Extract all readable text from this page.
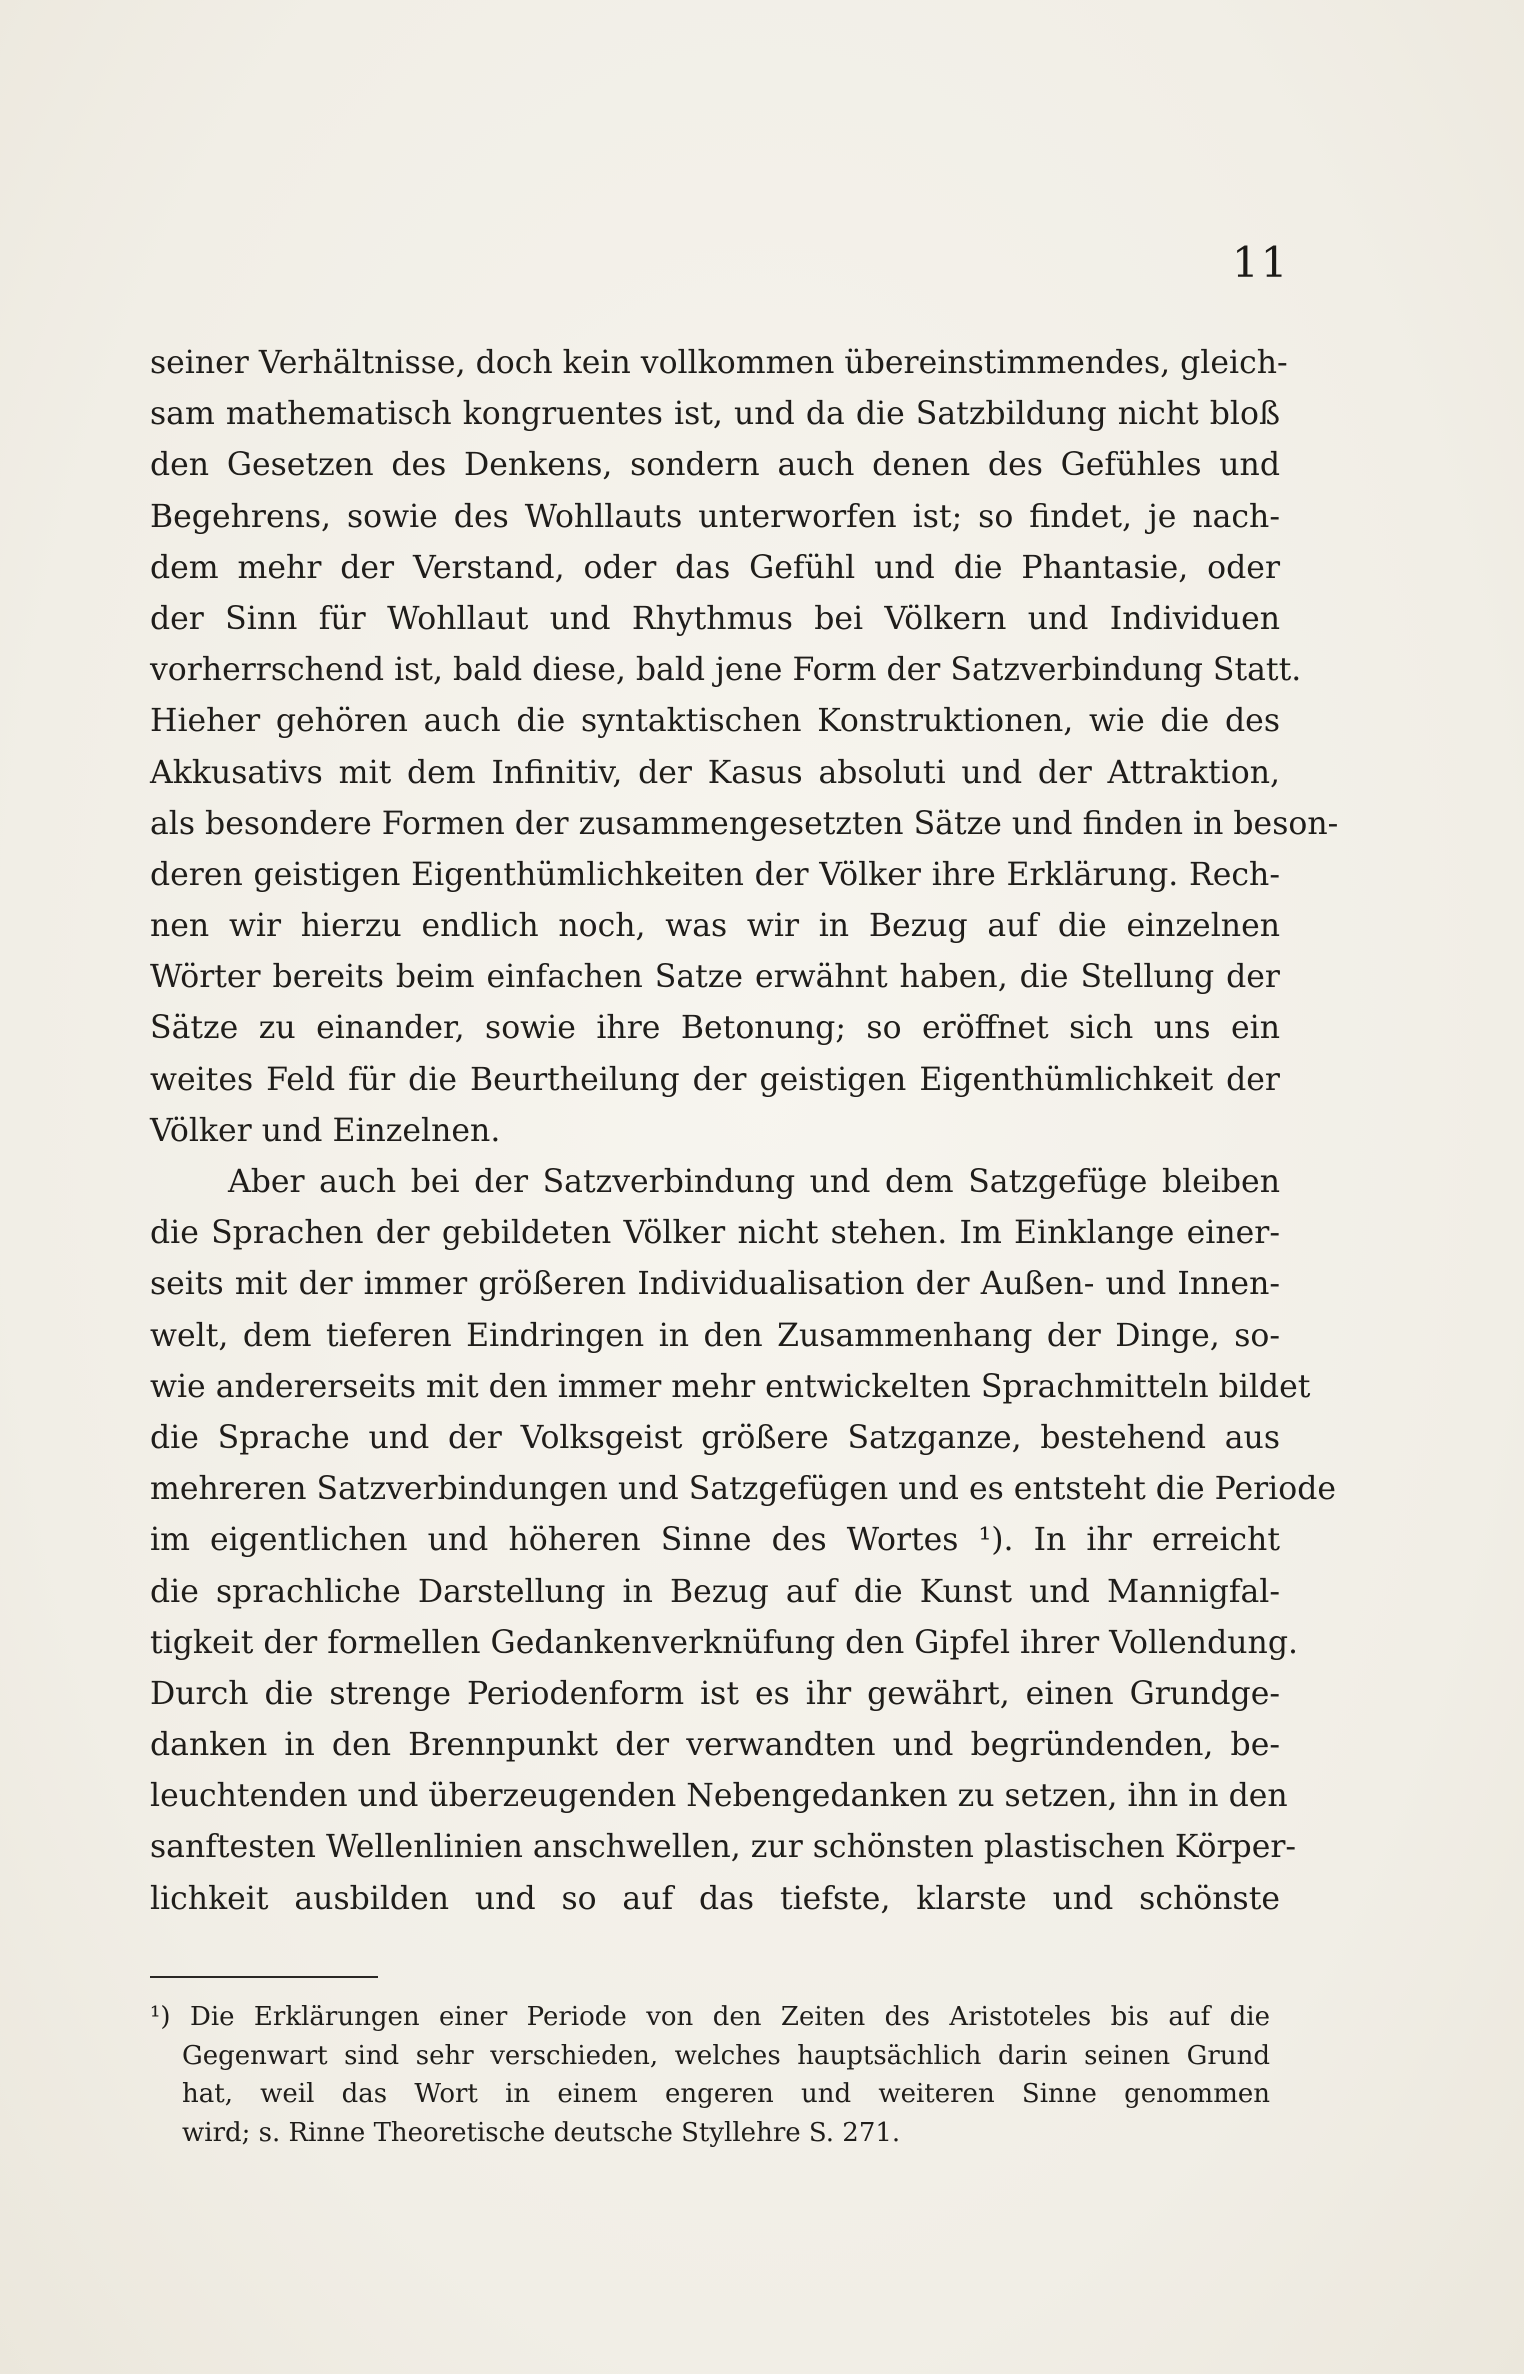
11
seiner Verhältnisse, doch kein vollkommen übereinstimmendes, gleich-
sam mathematisch kongruentes ist, und da die Satzbildung nicht bloß
den Gesetzen des Denkens, sondern auch denen des Gefühles und
Begehrens, sowie des Wohllauts unterworfen ist; so findet, je nach-
dem mehr der Verstand, oder das Gefühl und die Phantasie, oder
der Sinn für Wohllaut und Rhythmus bei Völkern und Individuen
vorherrschend ist, bald diese, bald jene Form der Satzverbindung Statt.
Hieher gehören auch die syntaktischen Konstruktionen, wie die des
Akkusativs mit dem Infinitiv, der Kasus absoluti und der Attraktion,
als besondere Formen der zusammengesetzten Sätze und finden in beson-
deren geistigen Eigenthümlichkeiten der Völker ihre Erklärung. Rech-
nen wir hierzu endlich noch, was wir in Bezug auf die einzelnen
Wörter bereits beim einfachen Satze erwähnt haben, die Stellung der
Sätze zu einander, sowie ihre Betonung; so eröffnet sich uns ein
weites Feld für die Beurtheilung der geistigen Eigenthümlichkeit der
Völker und Einzelnen.
Aber auch bei der Satzverbindung und dem Satzgefüge bleiben
die Sprachen der gebildeten Völker nicht stehen. Im Einklange einer-
seits mit der immer größeren Individualisation der Außen- und Innen-
welt, dem tieferen Eindringen in den Zusammenhang der Dinge, so-
wie andererseits mit den immer mehr entwickelten Sprachmitteln bildet
die Sprache und der Volksgeist größere Satzganze, bestehend aus
mehreren Satzverbindungen und Satzgefügen und es entsteht die Periode
im eigentlichen und höheren Sinne des Wortes ¹). In ihr erreicht
die sprachliche Darstellung in Bezug auf die Kunst und Mannigfal-
tigkeit der formellen Gedankenverknüfung den Gipfel ihrer Vollendung.
Durch die strenge Periodenform ist es ihr gewährt, einen Grundge-
danken in den Brennpunkt der verwandten und begründenden, be-
leuchtenden und überzeugenden Nebengedanken zu setzen, ihn in den
sanftesten Wellenlinien anschwellen, zur schönsten plastischen Körper-
lichkeit ausbilden und so auf das tiefste, klarste und schönste
¹) Die Erklärungen einer Periode von den Zeiten des Aristoteles bis auf die
Gegenwart sind sehr verschieden, welches hauptsächlich darin seinen Grund
hat, weil das Wort in einem engeren und weiteren Sinne genommen
wird; s. Rinne Theoretische deutsche Styllehre S. 271.
